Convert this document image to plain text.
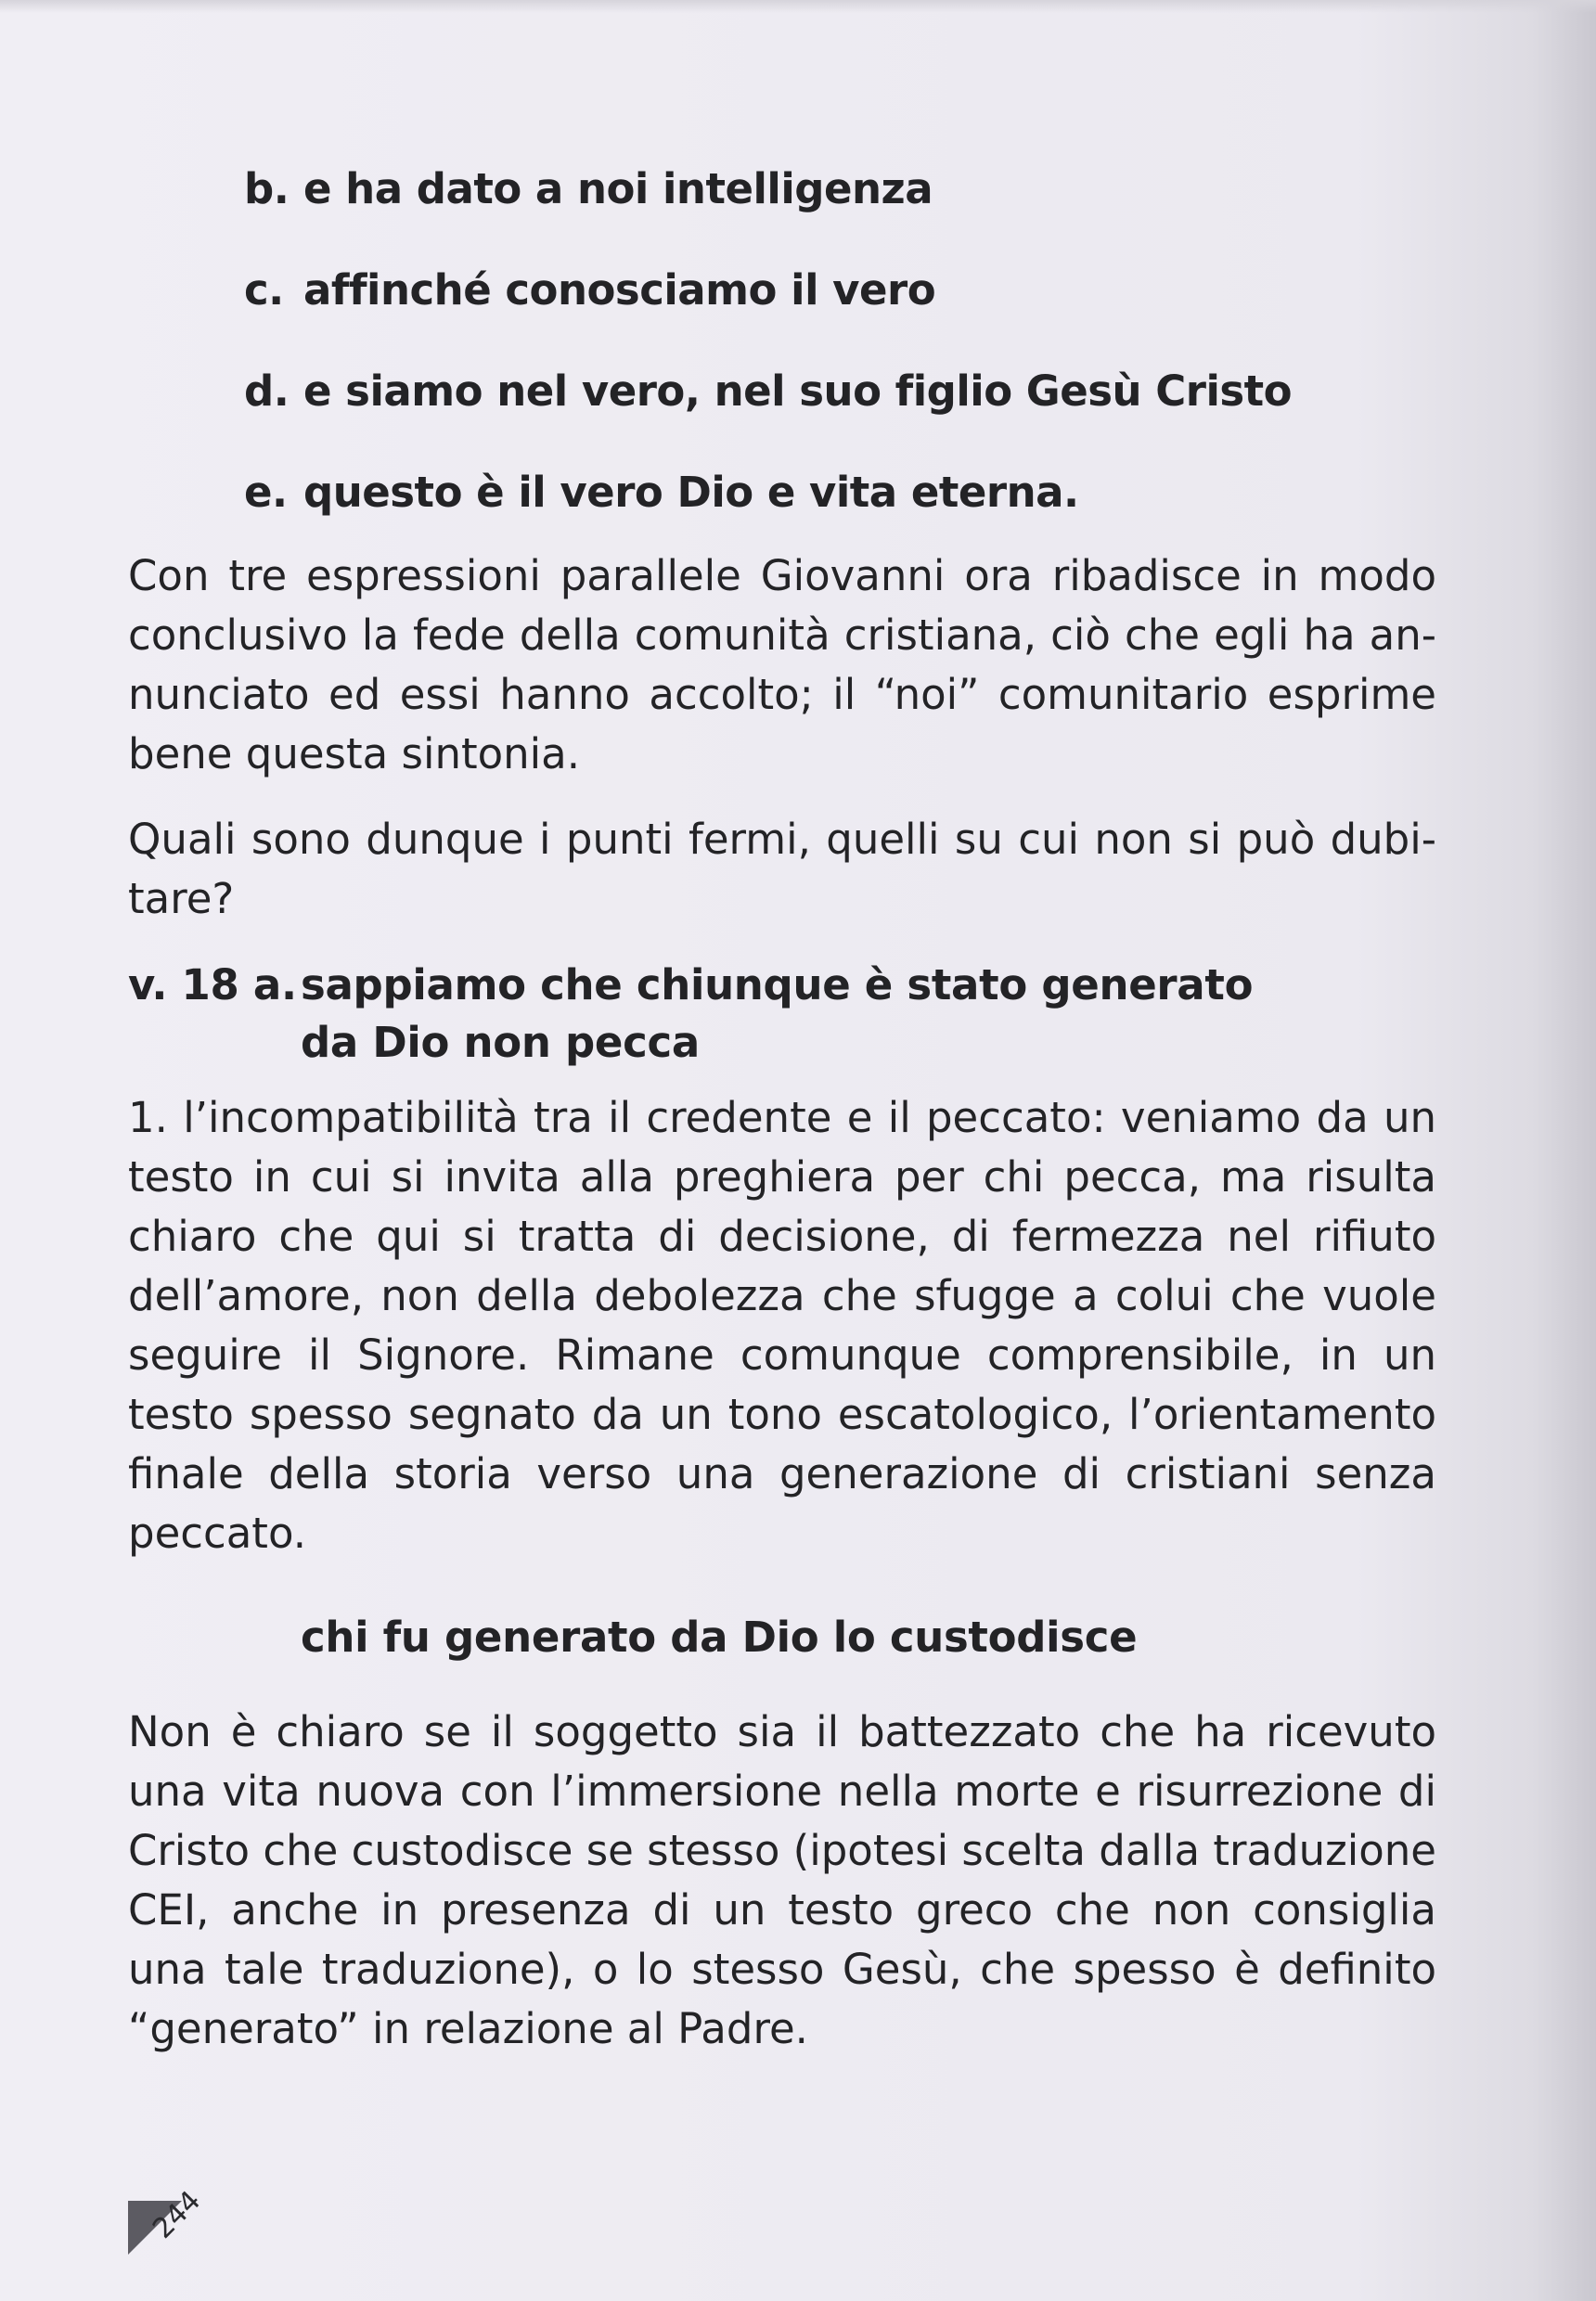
b. e ha dato a noi intelligenza
c. affinché conosciamo il vero
d. e siamo nel vero, nel suo figlio Gesù Cristo
e. questo è il vero Dio e vita eterna.

Con tre espressioni parallele Giovanni ora ribadisce in modo conclusivo la fede della comunità cristiana, ciò che egli ha annunciato ed essi hanno accolto; il “noi” comunitario esprime bene questa sintonia.

Quali sono dunque i punti fermi, quelli su cui non si può dubitare?

v. 18 a. sappiamo che chiunque è stato generato
da Dio non pecca

1. l’incompatibilità tra il credente e il peccato: veniamo da un testo in cui si invita alla preghiera per chi pecca, ma risulta chiaro che qui si tratta di decisione, di fermezza nel rifiuto dell’amore, non della debolezza che sfugge a colui che vuole seguire il Signore. Rimane comunque comprensibile, in un testo spesso segnato da un tono escatologico, l’orientamento finale della storia verso una generazione di cristiani senza peccato.

chi fu generato da Dio lo custodisce

Non è chiaro se il soggetto sia il battezzato che ha ricevuto una vita nuova con l’immersione nella morte e risurrezione di Cristo che custodisce se stesso (ipotesi scelta dalla traduzione CEI, anche in presenza di un testo greco che non consiglia una tale traduzione), o lo stesso Gesù, che spesso è definito “generato” in relazione al Padre.

244
